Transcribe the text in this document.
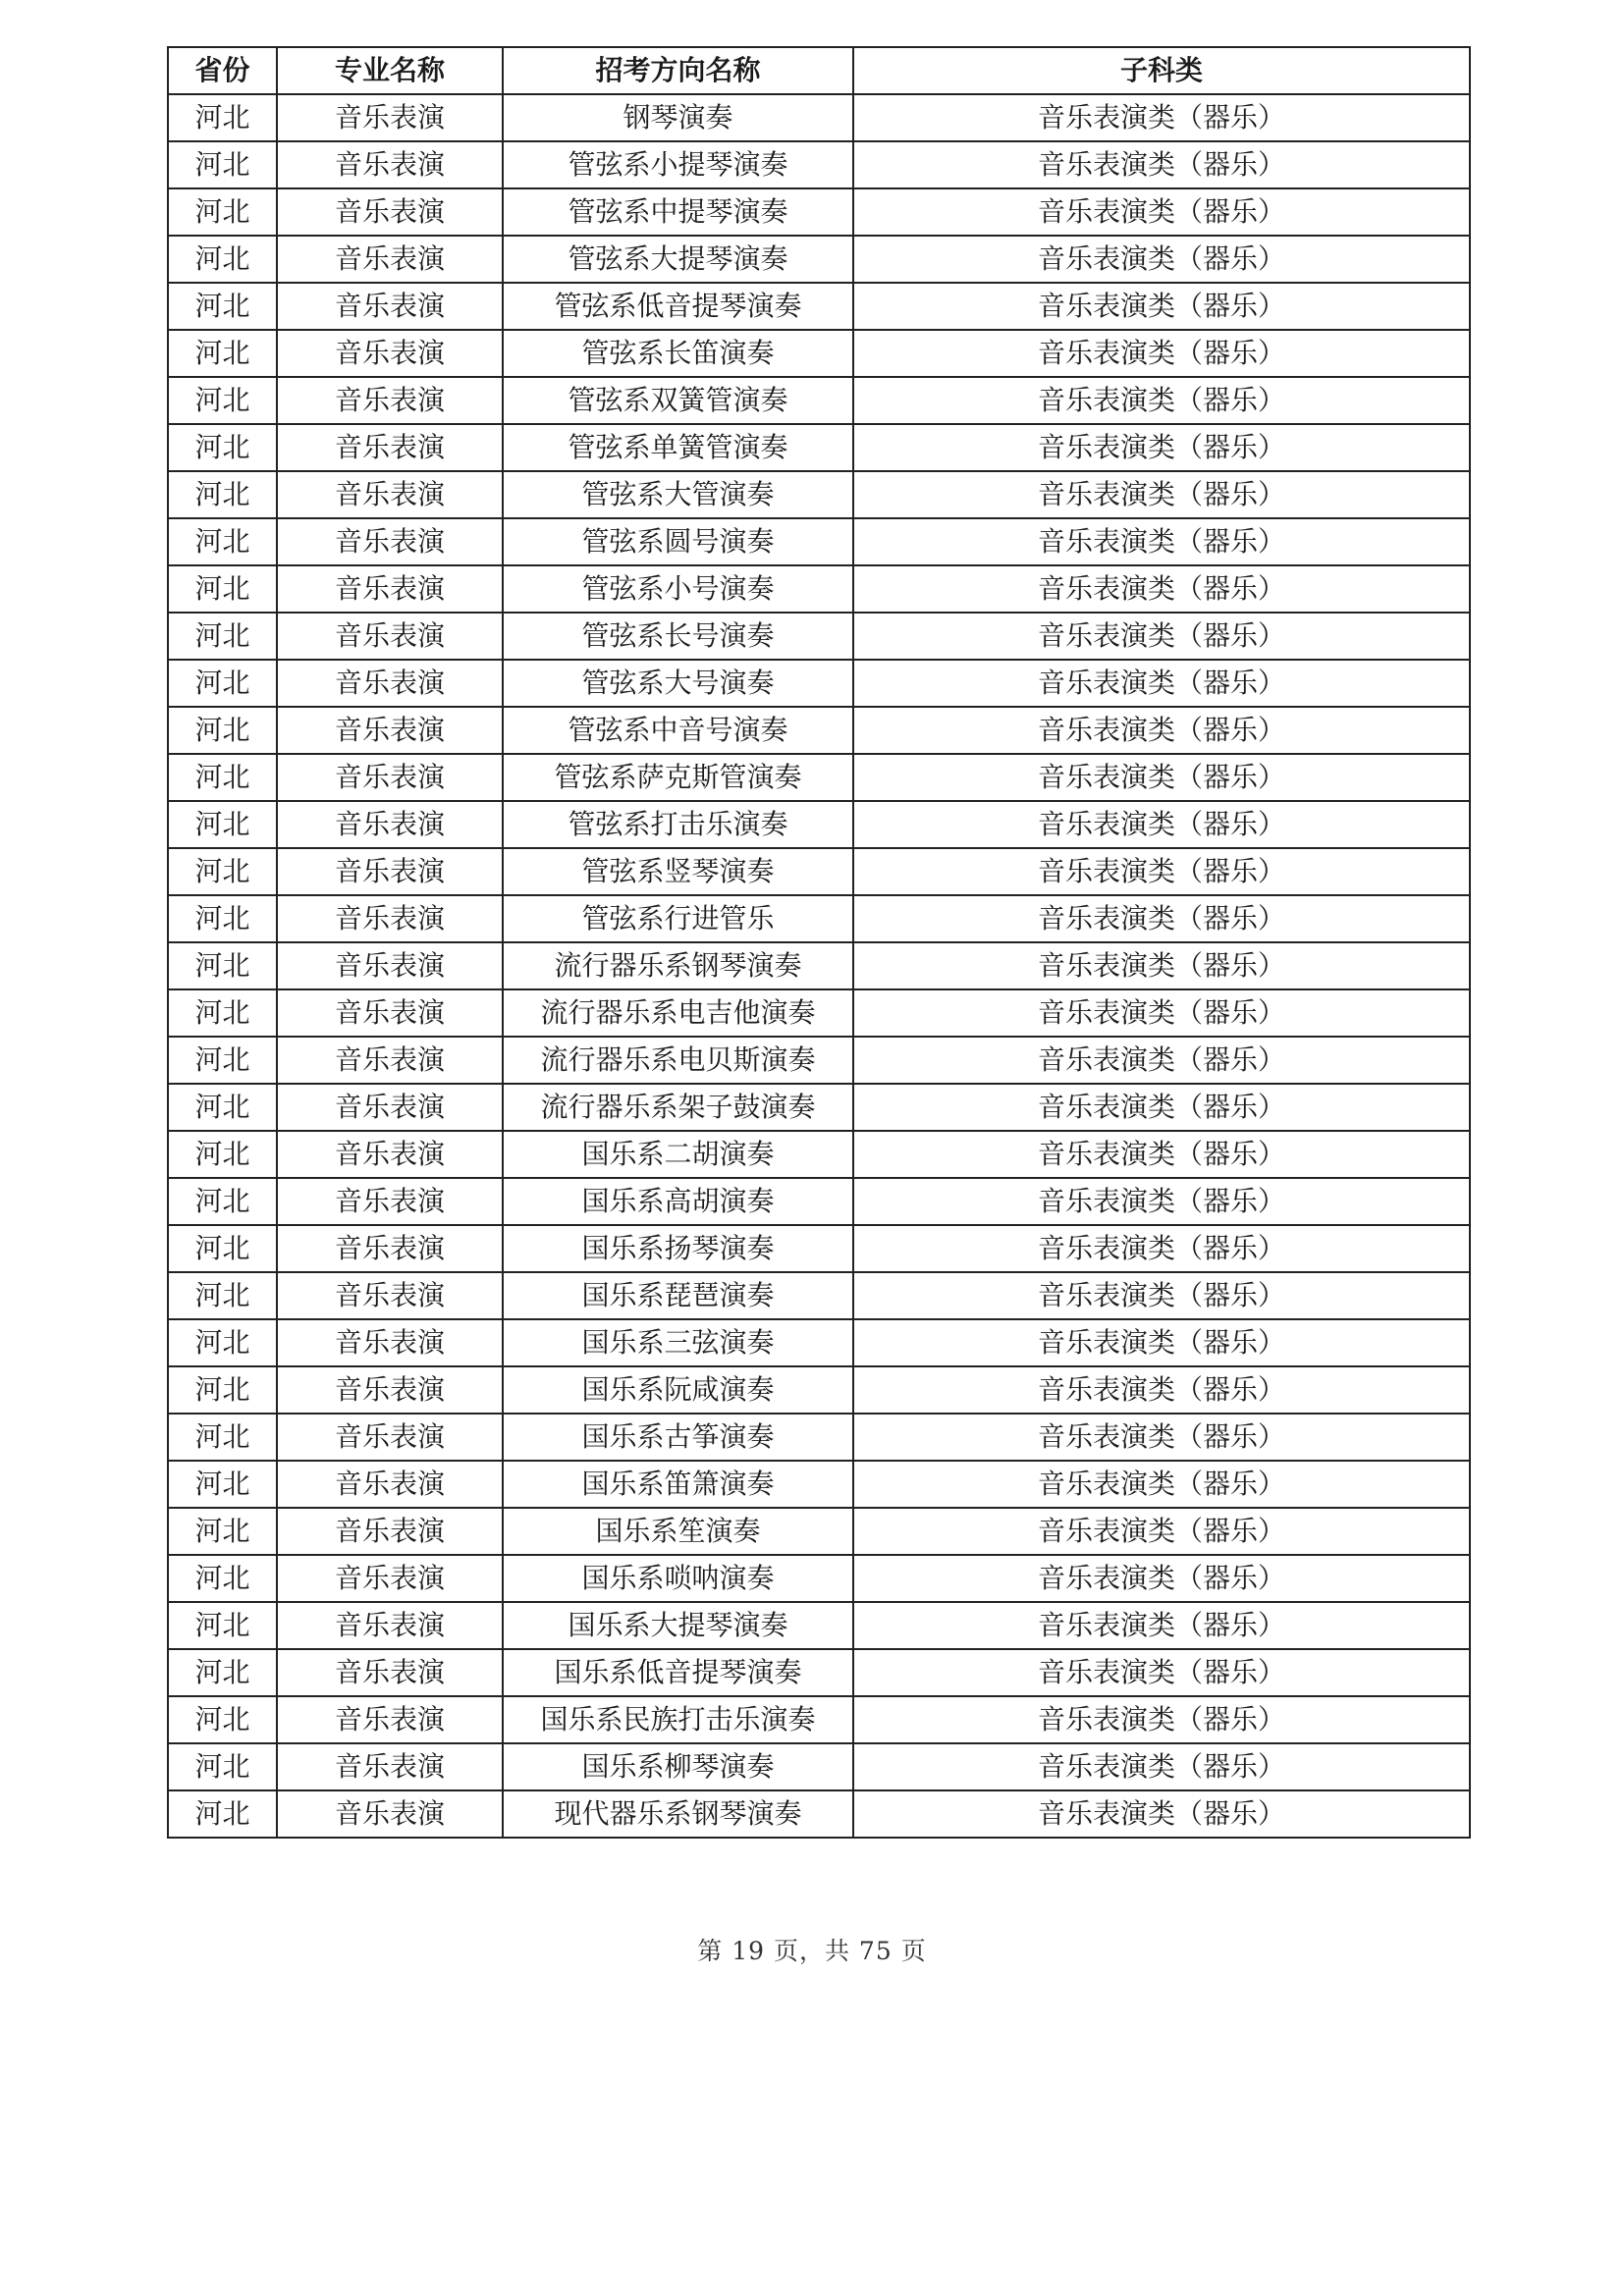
省份	专业名称	招考方向名称	子科类
河北	音乐表演	钢琴演奏	音乐表演类（器乐）
河北	音乐表演	管弦系小提琴演奏	音乐表演类（器乐）
河北	音乐表演	管弦系中提琴演奏	音乐表演类（器乐）
河北	音乐表演	管弦系大提琴演奏	音乐表演类（器乐）
河北	音乐表演	管弦系低音提琴演奏	音乐表演类（器乐）
河北	音乐表演	管弦系长笛演奏	音乐表演类（器乐）
河北	音乐表演	管弦系双簧管演奏	音乐表演类（器乐）
河北	音乐表演	管弦系单簧管演奏	音乐表演类（器乐）
河北	音乐表演	管弦系大管演奏	音乐表演类（器乐）
河北	音乐表演	管弦系圆号演奏	音乐表演类（器乐）
河北	音乐表演	管弦系小号演奏	音乐表演类（器乐）
河北	音乐表演	管弦系长号演奏	音乐表演类（器乐）
河北	音乐表演	管弦系大号演奏	音乐表演类（器乐）
河北	音乐表演	管弦系中音号演奏	音乐表演类（器乐）
河北	音乐表演	管弦系萨克斯管演奏	音乐表演类（器乐）
河北	音乐表演	管弦系打击乐演奏	音乐表演类（器乐）
河北	音乐表演	管弦系竖琴演奏	音乐表演类（器乐）
河北	音乐表演	管弦系行进管乐	音乐表演类（器乐）
河北	音乐表演	流行器乐系钢琴演奏	音乐表演类（器乐）
河北	音乐表演	流行器乐系电吉他演奏	音乐表演类（器乐）
河北	音乐表演	流行器乐系电贝斯演奏	音乐表演类（器乐）
河北	音乐表演	流行器乐系架子鼓演奏	音乐表演类（器乐）
河北	音乐表演	国乐系二胡演奏	音乐表演类（器乐）
河北	音乐表演	国乐系高胡演奏	音乐表演类（器乐）
河北	音乐表演	国乐系扬琴演奏	音乐表演类（器乐）
河北	音乐表演	国乐系琵琶演奏	音乐表演类（器乐）
河北	音乐表演	国乐系三弦演奏	音乐表演类（器乐）
河北	音乐表演	国乐系阮咸演奏	音乐表演类（器乐）
河北	音乐表演	国乐系古筝演奏	音乐表演类（器乐）
河北	音乐表演	国乐系笛箫演奏	音乐表演类（器乐）
河北	音乐表演	国乐系笙演奏	音乐表演类（器乐）
河北	音乐表演	国乐系唢呐演奏	音乐表演类（器乐）
河北	音乐表演	国乐系大提琴演奏	音乐表演类（器乐）
河北	音乐表演	国乐系低音提琴演奏	音乐表演类（器乐）
河北	音乐表演	国乐系民族打击乐演奏	音乐表演类（器乐）
河北	音乐表演	国乐系柳琴演奏	音乐表演类（器乐）
河北	音乐表演	现代器乐系钢琴演奏	音乐表演类（器乐）
第 19 页，共 75 页
